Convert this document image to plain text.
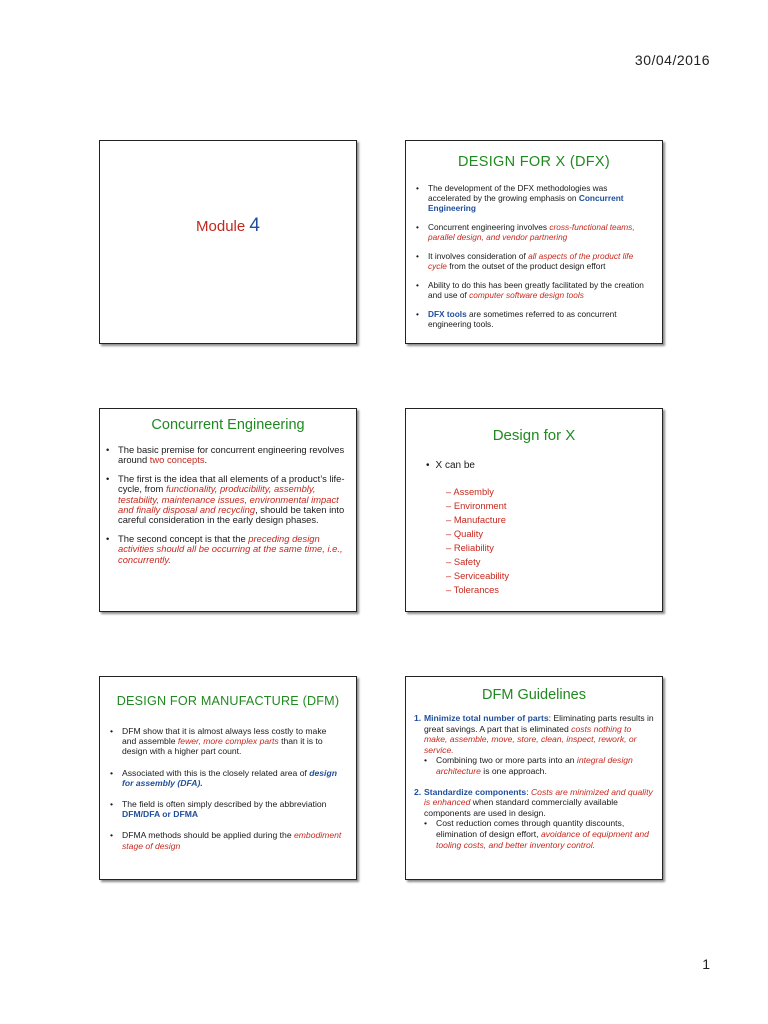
30/04/2016
Module 4
DESIGN FOR X (DFX)
• The development of the DFX methodologies was accelerated by the growing emphasis on Concurrent Engineering
• Concurrent engineering involves cross-functional teams, parallel design, and vendor partnering
• It involves consideration of all aspects of the product life cycle from the outset of the product design effort
• Ability to do this has been greatly facilitated by the creation and use of computer software design tools
• DFX tools are sometimes referred to as concurrent engineering tools.
Concurrent Engineering
• The basic premise for concurrent engineering revolves around two concepts.
• The first is the idea that all elements of a product’s life-cycle, from functionality, producibility, assembly, testability, maintenance issues, environmental impact and finally disposal and recycling, should be taken into careful consideration in the early design phases.
• The second concept is that the preceding design activities should all be occurring at the same time, i.e., concurrently.
Design for X
• X can be
– Assembly
– Environment
– Manufacture
– Quality
– Reliability
– Safety
– Serviceability
– Tolerances
DESIGN FOR MANUFACTURE (DFM)
• DFM show that it is almost always less costly to make and assemble fewer, more complex parts than it is to design with a higher part count.
• Associated with this is the closely related area of design for assembly (DFA).
• The field is often simply described by the abbreviation DFM/DFA or DFMA
• DFMA methods should be applied during the embodiment stage of design
DFM Guidelines
1. Minimize total number of parts: Eliminating parts results in great savings. A part that is eliminated costs nothing to make, assemble, move, store, clean, inspect, rework, or service.
• Combining two or more parts into an integral design architecture is one approach.
2. Standardize components: Costs are minimized and quality is enhanced when standard commercially available components are used in design.
• Cost reduction comes through quantity discounts, elimination of design effort, avoidance of equipment and tooling costs, and better inventory control.
1
